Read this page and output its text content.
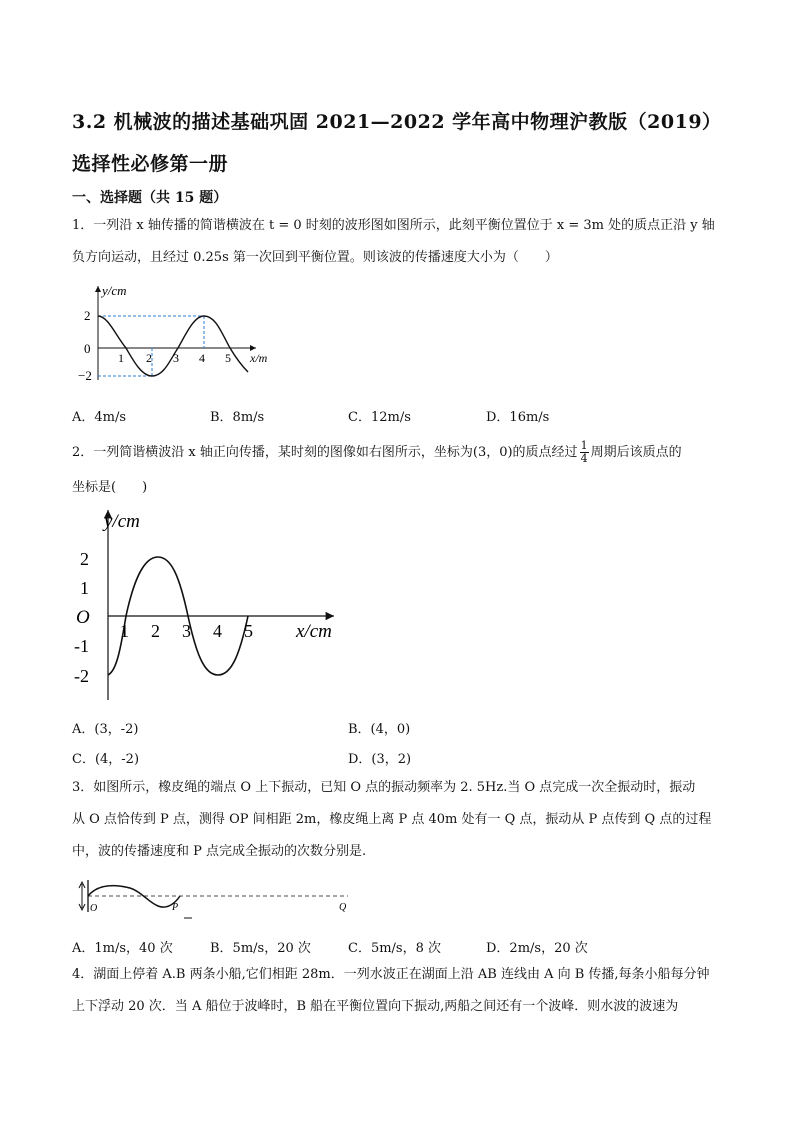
3.2 机械波的描述基础巩固 2021—2022 学年高中物理沪教版（2019）
选择性必修第一册
一、选择题（共 15 题）
1．一列沿 x 轴传播的简谐横波在 t = 0 时刻的波形图如图所示，此刻平衡位置位于 x = 3m 处的质点正沿 y 轴
负方向运动，且经过 0.25s 第一次回到平衡位置。则该波的传播速度大小为（　　）
y/cm
2
0
−2
1 2 3 4 5 x/m
A．4m/s	B．8m/s	C．12m/s	D．16m/s
2．一列简谐横波沿 x 轴正向传播，某时刻的图像如右图所示，坐标为(3，0)的质点经过 $\frac{1}{4}$ 周期后该质点的
坐标是(　　)
y/cm
2
1
O
-1
-2
1 2 3 4 5 x/cm
A．(3，-2)	B．(4，0)
C．(4，-2)	D．(3，2)
3．如图所示，橡皮绳的端点 O 上下振动，已知 O 点的振动频率为 2. 5Hz.当 O 点完成一次全振动时，振动
从 O 点恰传到 P 点，测得 OP 间相距 2m，橡皮绳上离 P 点 40m 处有一 Q 点，振动从 P 点传到 Q 点的过程
中，波的传播速度和 P 点完成全振动的次数分别是.
O	P	Q
A．1m/s，40 次	B．5m/s，20 次	C．5m/s，8 次	D．2m/s，20 次
4．湖面上停着 A.B 两条小船,它们相距 28m．一列水波正在湖面上沿 AB 连线由 A 向 B 传播,每条小船每分钟
上下浮动 20 次．当 A 船位于波峰时，B 船在平衡位置向下振动,两船之间还有一个波峰．则水波的波速为
